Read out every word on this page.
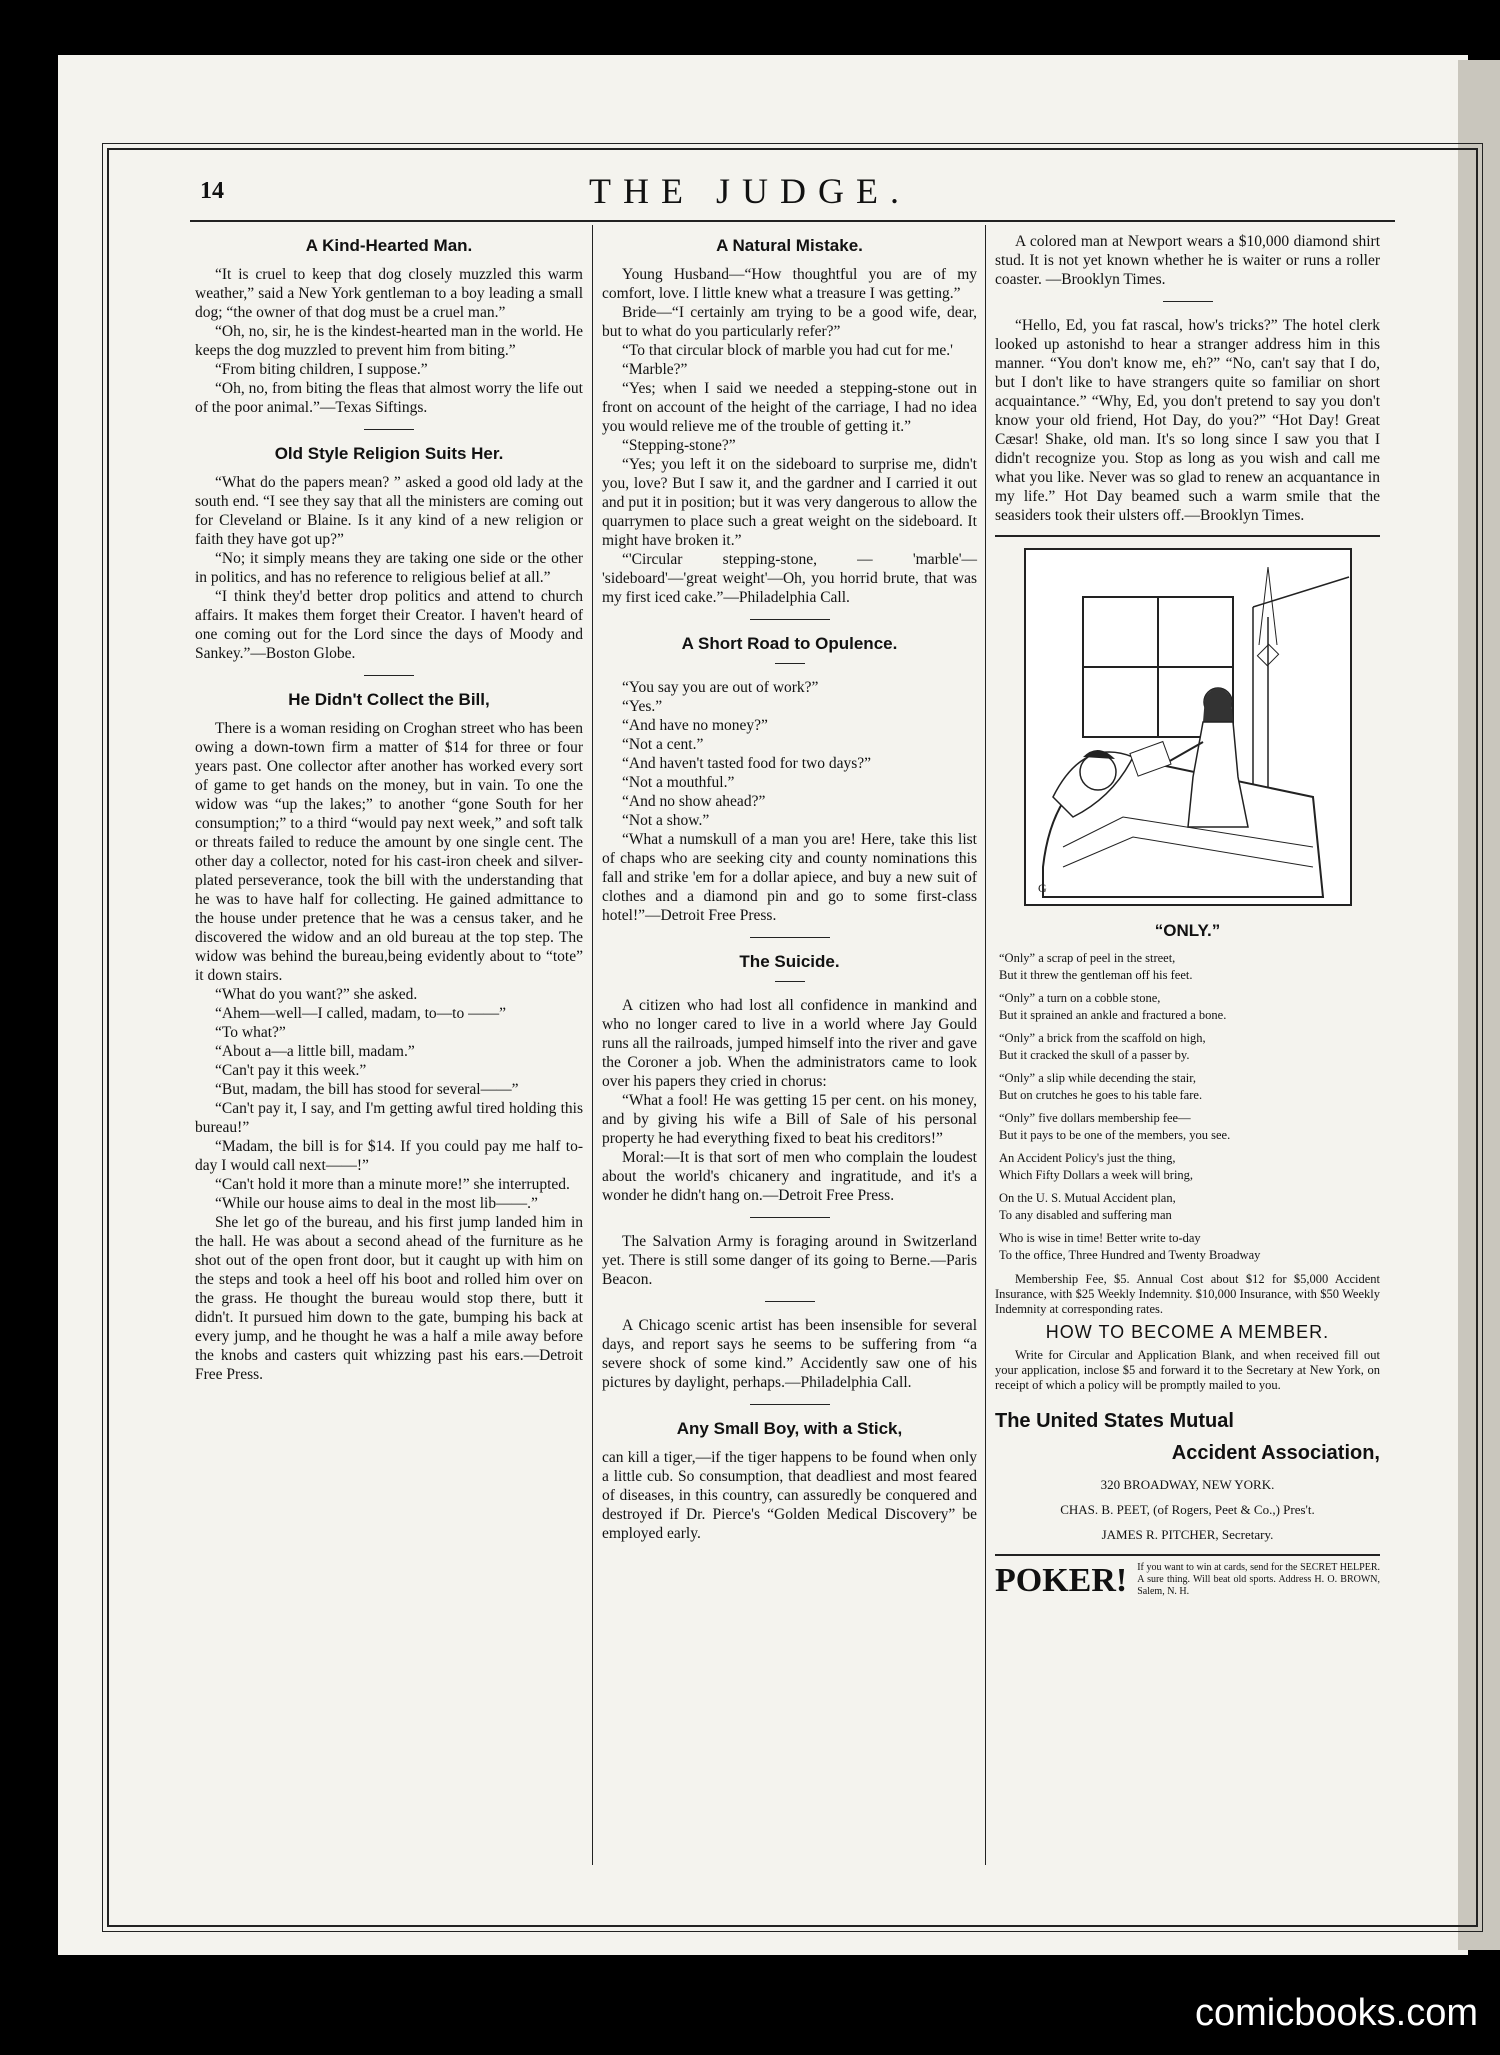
14	THE JUDGE.
A Kind-Hearted Man.

“It is cruel to keep that dog closely muzzled this warm weather,” said a New York gentleman to a boy leading a small dog; “the owner of that dog must be a cruel man.”

“Oh, no, sir, he is the kindest-hearted man in the world. He keeps the dog muzzled to prevent him from biting.”

“From biting children, I suppose.”

“Oh, no, from biting the fleas that almost worry the life out of the poor animal.”—Texas Siftings.

Old Style Religion Suits Her.

“What do the papers mean? ” asked a good old lady at the south end. “I see they say that all the ministers are coming out for Cleveland or Blaine. Is it any kind of a new religion or faith they have got up?”

“No; it simply means they are taking one side or the other in politics, and has no reference to religious belief at all.”

“I think they'd better drop politics and attend to church affairs. It makes them forget their Creator. I haven't heard of one coming out for the Lord since the days of Moody and Sankey.”—Boston Globe.

He Didn't Collect the Bill,

There is a woman residing on Croghan street who has been owing a down-town firm a matter of $14 for three or four years past. One collector after another has worked every sort of game to get hands on the money, but in vain. To one the widow was “up the lakes;” to another “gone South for her consumption;” to a third “would pay next week,” and soft talk or threats failed to reduce the amount by one single cent. The other day a collector, noted for his cast-iron cheek and silver-plated perseverance, took the bill with the understanding that he was to have half for collecting. He gained admittance to the house under pretence that he was a census taker, and he discovered the widow and an old bureau at the top step. The widow was behind the bureau,being evidently about to “tote” it down stairs.

“What do you want?” she asked.

“Ahem—well—I called, madam, to—to ——”

“To what?”

“About a—a little bill, madam.”

“Can't pay it this week.”

“But, madam, the bill has stood for several——”

“Can't pay it, I say, and I'm getting awful tired holding this bureau!”

“Madam, the bill is for $14. If you could pay me half to-day I would call next——!”

“Can't hold it more than a minute more!” she interrupted.

“While our house aims to deal in the most lib——.”

She let go of the bureau, and his first jump landed him in the hall. He was about a second ahead of the furniture as he shot out of the open front door, but it caught up with him on the steps and took a heel off his boot and rolled him over on the grass. He thought the bureau would stop there, butt it didn't. It pursued him down to the gate, bumping his back at every jump, and he thought he was a half a mile away before the knobs and casters quit whizzing past his ears.—Detroit Free Press.

A Natural Mistake.

Young Husband—“How thoughtful you are of my comfort, love. I little knew what a treasure I was getting.”

Bride—“I certainly am trying to be a good wife, dear, but to what do you particularly refer?”

“To that circular block of marble you had cut for me.'

“Marble?”

“Yes; when I said we needed a stepping-stone out in front on account of the height of the carriage, I had no idea you would relieve me of the trouble of getting it.”

“Stepping-stone?”

“Yes; you left it on the sideboard to surprise me, didn't you, love? But I saw it, and the gardner and I carried it out and put it in position; but it was very dangerous to allow the quarrymen to place such a great weight on the sideboard. It might have broken it.”

“'Circular stepping-stone, — 'marble'— 'sideboard'—'great weight'—Oh, you horrid brute, that was my first iced cake.”—Philadelphia Call.

A Short Road to Opulence.

“You say you are out of work?”

“Yes.”

“And have no money?”

“Not a cent.”

“And haven't tasted food for two days?”

“Not a mouthful.”

“And no show ahead?”

“Not a show.”

“What a numskull of a man you are! Here, take this list of chaps who are seeking city and county nominations this fall and strike 'em for a dollar apiece, and buy a new suit of clothes and a diamond pin and go to some first-class hotel!”—Detroit Free Press.

The Suicide.

A citizen who had lost all confidence in mankind and who no longer cared to live in a world where Jay Gould runs all the railroads, jumped himself into the river and gave the Coroner a job. When the administrators came to look over his papers they cried in chorus:

“What a fool! He was getting 15 per cent. on his money, and by giving his wife a Bill of Sale of his personal property he had everything fixed to beat his creditors!”

Moral:—It is that sort of men who complain the loudest about the world's chicanery and ingratitude, and it's a wonder he didn't hang on.—Detroit Free Press.

The Salvation Army is foraging around in Switzerland yet. There is still some danger of its going to Berne.—Paris Beacon.

A Chicago scenic artist has been insensible for several days, and report says he seems to be suffering from “a severe shock of some kind.” Accidently saw one of his pictures by daylight, perhaps.—Philadelphia Call.

Any Small Boy, with a Stick,

can kill a tiger,—if the tiger happens to be found when only a little cub. So consumption, that deadliest and most feared of diseases, in this country, can assuredly be conquered and destroyed if Dr. Pierce's “Golden Medical Discovery” be employed early.

A colored man at Newport wears a $10,000 diamond shirt stud. It is not yet known whether he is waiter or runs a roller coaster. —Brooklyn Times.

“Hello, Ed, you fat rascal, how's tricks?” The hotel clerk looked up astonishd to hear a stranger address him in this manner. “You don't know me, eh?” “No, can't say that I do, but I don't like to have strangers quite so familiar on short acquaintance.” “Why, Ed, you don't pretend to say you don't know your old friend, Hot Day, do you?” “Hot Day! Great Cæsar! Shake, old man. It's so long since I saw you that I didn't recognize you. Stop as long as you wish and call me what you like. Never was so glad to renew an acquantance in my life.” Hot Day beamed such a warm smile that the seasiders took their ulsters off.—Brooklyn Times.

G
“ONLY.”
“Only” a scrap of peel in the street,
But it threw the gentleman off his feet.
“Only” a turn on a cobble stone,
But it sprained an ankle and fractured a bone.
“Only” a brick from the scaffold on high,
But it cracked the skull of a passer by.
“Only” a slip while decending the stair,
But on crutches he goes to his table fare.
“Only” five dollars membership fee—
But it pays to be one of the members, you see.
An Accident Policy's just the thing,
Which Fifty Dollars a week will bring,
On the U. S. Mutual Accident plan,
To any disabled and suffering man
Who is wise in time! Better write to-day
To the office, Three Hundred and Twenty Broadway

Membership Fee, $5. Annual Cost about $12 for $5,000 Accident Insurance, with $25 Weekly Indemnity. $10,000 Insurance, with $50 Weekly Indemnity at corresponding rates.

HOW TO BECOME A MEMBER.

Write for Circular and Application Blank, and when received fill out your application, inclose $5 and forward it to the Secretary at New York, on receipt of which a policy will be promptly mailed to you.

The United States Mutual
Accident Association,
320 BROADWAY, NEW YORK.
CHAS. B. PEET, (of Rogers, Peet & Co.,) Pres't.
JAMES R. PITCHER, Secretary.
POKER! If you want to win at cards, send for the SECRET HELPER. A sure thing. Will beat old sports. Address H. O. BROWN, Salem, N. H.
comicbooks.com
